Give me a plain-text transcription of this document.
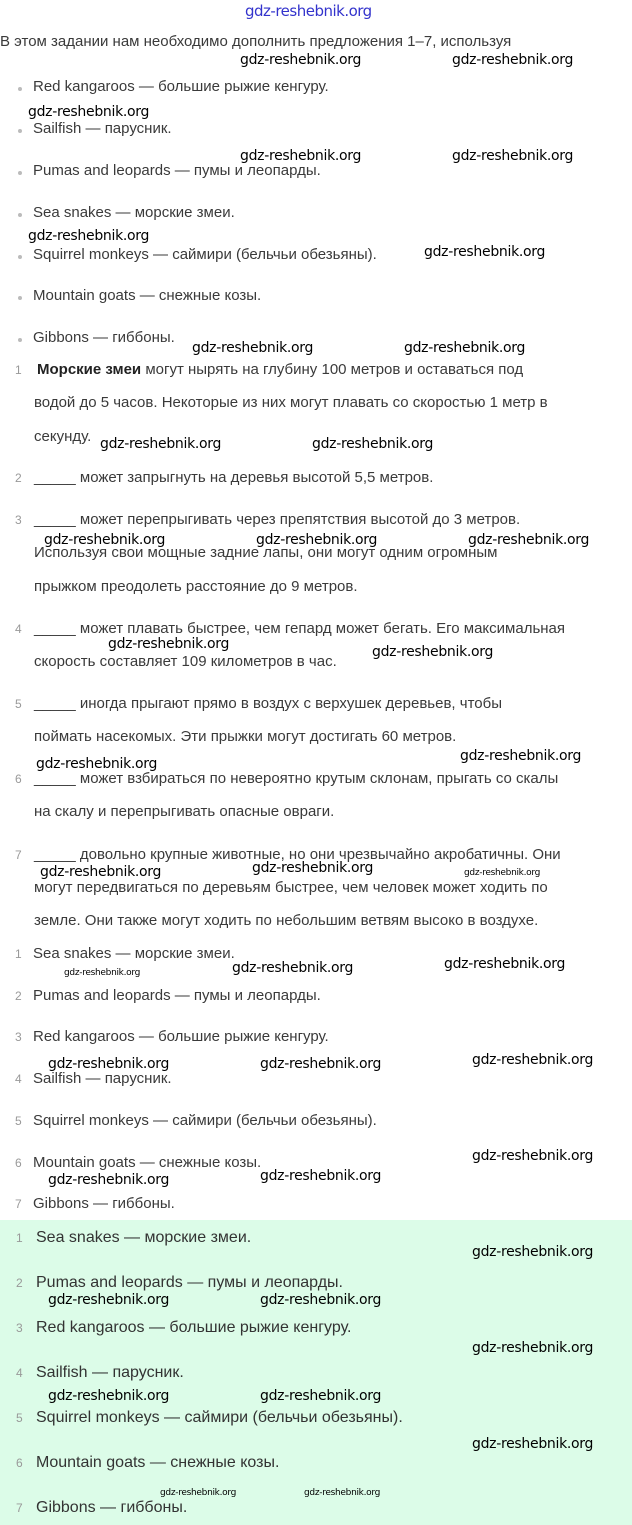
gdz-reshebnik.org
В этом задании нам необходимо дополнить предложения 1–7, используя
Red kangaroos — большие рыжие кенгуру.
Sailfish — парусник.
Pumas and leopards — пумы и леопарды.
Sea snakes — морские змеи.
Squirrel monkeys — саймири (бельчьи обезьяны).
Mountain goats — снежные козы.
Gibbons — гиббоны.
1 Морские змеи могут нырять на глубину 100 метров и оставаться под
водой до 5 часов. Некоторые из них могут плавать со скоростью 1 метр в
секунду.
2 _____ может запрыгнуть на деревья высотой 5,5 метров.
3 _____ может перепрыгивать через препятствия высотой до 3 метров.
Используя свои мощные задние лапы, они могут одним огромным
прыжком преодолеть расстояние до 9 метров.
4 _____ может плавать быстрее, чем гепард может бегать. Его максимальная
скорость составляет 109 километров в час.
5 _____ иногда прыгают прямо в воздух с верхушек деревьев, чтобы
поймать насекомых. Эти прыжки могут достигать 60 метров.
6 _____ может взбираться по невероятно крутым склонам, прыгать со скалы
на скалу и перепрыгивать опасные овраги.
7 _____ довольно крупные животные, но они чрезвычайно акробатичны. Они
могут передвигаться по деревьям быстрее, чем человек может ходить по
земле. Они также могут ходить по небольшим ветвям высоко в воздухе.
1 Sea snakes — морские змеи.
2 Pumas and leopards — пумы и леопарды.
3 Red kangaroos — большие рыжие кенгуру.
4 Sailfish — парусник.
5 Squirrel monkeys — саймири (бельчьи обезьяны).
6 Mountain goats — снежные козы.
7 Gibbons — гиббоны.
1 Sea snakes — морские змеи.
2 Pumas and leopards — пумы и леопарды.
3 Red kangaroos — большие рыжие кенгуру.
4 Sailfish — парусник.
5 Squirrel monkeys — саймири (бельчьи обезьяны).
6 Mountain goats — снежные козы.
7 Gibbons — гиббоны.
gdz-reshebnik.org	gdz-reshebnik.org
gdz-reshebnik.org
gdz-reshebnik.org	gdz-reshebnik.org
gdz-reshebnik.org
gdz-reshebnik.org
gdz-reshebnik.org	gdz-reshebnik.org
gdz-reshebnik.org	gdz-reshebnik.org
gdz-reshebnik.org	gdz-reshebnik.org	gdz-reshebnik.org
gdz-reshebnik.org	gdz-reshebnik.org
gdz-reshebnik.org
gdz-reshebnik.org
gdz-reshebnik.org	gdz-reshebnik.org	gdz-reshebnik.org
gdz-reshebnik.org	gdz-reshebnik.org	gdz-reshebnik.org
gdz-reshebnik.org	gdz-reshebnik.org	gdz-reshebnik.org
gdz-reshebnik.org	gdz-reshebnik.org
gdz-reshebnik.org
gdz-reshebnik.org
gdz-reshebnik.org	gdz-reshebnik.org
gdz-reshebnik.org
gdz-reshebnik.org	gdz-reshebnik.org
gdz-reshebnik.org
gdz-reshebnik.org	gdz-reshebnik.org
